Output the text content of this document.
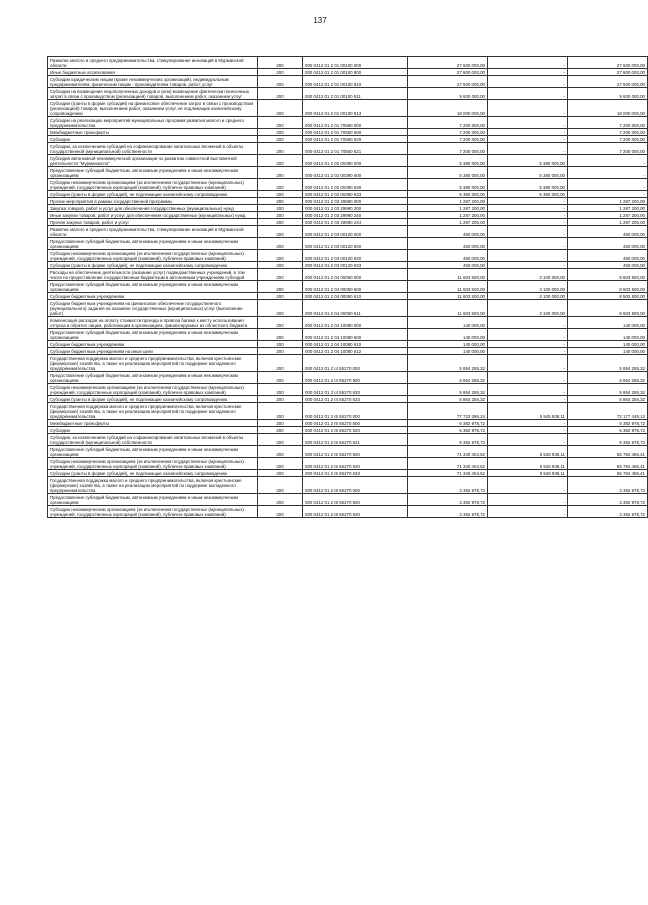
137
Развитие малого и среднего предпринимательства, стимулирование инноваций в Мурманской области	200	000 0412 01 2 01 00100 000	27 600 000,00	-	27 600 000,00
Иные бюджетные ассигнования	200	000 0412 01 2 01 00100 800	27 600 000,00	-	27 600 000,00
Субсидии юридическим лицам (кроме некоммерческих организаций), индивидуальным предпринимателям, физическим лицам - производителям товаров, работ, услуг	200	000 0412 01 2 01 00100 810	27 600 000,00	-	27 600 000,00
Субсидии на возмещение недополученных доходов и (или) возмещение фактически понесенных затрат в связи с производством (реализацией) товаров, выполнением работ, оказанием услуг	200	000 0412 01 2 01 00100 811	9 600 000,00	-	9 600 000,00
Субсидии (гранты в форме субсидий) на финансовое обеспечение затрат в связи с производством (реализацией) товаров, выполнением работ, оказанием услуг, не подлежащие казначейскому сопровождению	200	000 0412 01 2 01 00100 813	18 000 000,00	-	18 000 000,00
Субсидии на реализацию мероприятий муниципальных программ развития малого и среднего предпринимательства	200	000 0412 01 2 01 70550 000	7 200 000,00	-	7 200 000,00
Межбюджетные трансферты	200	000 0412 01 2 01 70550 500	7 200 000,00	-	7 200 000,00
Субсидии	200	000 0412 01 2 01 70550 520	7 200 000,00	-	7 200 000,00
Субсидии, за исключением субсидий на софинансирование капитальных вложений в объекты государственной (муниципальной) собственности	200	000 0412 01 2 01 70550 521	7 200 000,00	-	7 200 000,00
Субсидия автономной некоммерческой организации по развитию совместной выставочной деятельности "Мурманэкспо"	200	000 0412 01 2 02 00390 000	5 380 000,00	5 380 000,00	-
Предоставление субсидий бюджетным, автономным учреждениям и иным некоммерческим организациям	200	000 0412 01 2 02 00390 600	5 380 000,00	5 380 000,00	-
Субсидии некоммерческим организациям (за исключением государственных (муниципальных) учреждений, государственных корпораций (компаний), публично-правовых компаний)	200	000 0412 01 2 02 00390 630	5 380 000,00	5 380 000,00	-
Субсидии (гранты в форме субсидий), не подлежащие казначейскому сопровождению	200	000 0412 01 2 02 00390 633	5 380 000,00	5 380 000,00	-
Прочие мероприятия в рамках государственной программы	200	000 0412 01 2 03 29990 000	1 287 200,00	-	1 287 200,00
Закупка товаров, работ и услуг для обеспечения государственных (муниципальных) нужд	200	000 0412 01 2 03 29990 200	1 287 200,00	-	1 287 200,00
Иные закупки товаров, работ и услуг для обеспечения государственных (муниципальных) нужд	200	000 0412 01 2 03 29990 240	1 287 200,00	-	1 287 200,00
Прочая закупка товаров, работ и услуг	200	000 0412 01 2 03 29990 244	1 287 200,00	-	1 287 200,00
Развитие малого и среднего предпринимательства, стимулирование инноваций в Мурманской области	200	000 0412 01 2 03 00120 000	450 000,00	-	450 000,00
Предоставление субсидий бюджетным, автономным учреждениям и иным некоммерческим организациям	200	000 0412 01 2 03 00120 600	450 000,00	-	450 000,00
Субсидии некоммерческим организациям (за исключением государственных (муниципальных) учреждений, государственных корпораций (компаний), публично-правовых компаний)	200	000 0412 01 2 03 00120 630	450 000,00	-	450 000,00
Субсидии (гранты в форме субсидий), не подлежащие казначейскому сопровождению	200	000 0412 01 2 03 00120 633	450 000,00	-	450 000,00
Расходы на обеспечение деятельности (оказание услуг) подведомственных учреждений, в том числе на предоставление государственным бюджетным и автономным учреждениям субсидий	200	000 0412 01 2 04 00050 000	11 603 500,00	3 100 000,00	8 503 500,00
Предоставление субсидий бюджетным, автономным учреждениям и иным некоммерческим организациям	200	000 0412 01 2 04 00050 600	11 603 500,00	3 100 000,00	8 503 500,00
Субсидии бюджетным учреждениям	200	000 0412 01 2 04 00050 610	11 603 500,00	3 100 000,00	8 503 500,00
Субсидии бюджетным учреждениям на финансовое обеспечение государственного (муниципального) задания на оказание государственных (муниципальных) услуг (выполнение работ)	200	000 0412 01 2 04 00050 611	11 603 500,00	3 100 000,00	8 503 500,00
Компенсация расходов на оплату стоимости проезда и провоза багажа к месту использования отпуска и обратно лицам, работающим в организациях, финансируемых из областного бюджета	200	000 0412 01 2 04 10080 000	140 000,00	-	140 000,00
Предоставление субсидий бюджетным, автономным учреждениям и иным некоммерческим организациям	200	000 0412 01 2 04 10080 600	140 000,00	-	140 000,00
Субсидии бюджетным учреждениям	200	000 0412 01 2 04 10080 610	140 000,00	-	140 000,00
Субсидии бюджетным учреждениям на иные цели	200	000 0412 01 2 04 10080 612	140 000,00	-	140 000,00
Государственная поддержка малого и среднего предпринимательства, включая крестьянские (фермерские) хозяйства, а также на реализацию мероприятий по поддержке молодежного предпринимательства	200	000 0412 01 2 I4 55270 000	5 864 255,32	-	5 864 255,32
Предоставление субсидий бюджетным, автономным учреждениям и иным некоммерческим организациям	200	000 0412 01 2 I4 55270 600	5 864 255,32	-	5 864 255,32
Субсидии некоммерческим организациям (за исключением государственных (муниципальных) учреждений, государственных корпораций (компаний), публично-правовых компаний)	200	000 0412 01 2 I4 55270 630	5 864 255,32	-	5 864 255,32
Субсидии (гранты в форме субсидий), не подлежащие казначейскому сопровождению	200	000 0412 01 2 I4 55270 633	5 864 255,32	-	5 864 255,32
Государственная поддержка малого и среднего предпринимательства, включая крестьянские (фермерские) хозяйства, а также на реализацию мероприятий по поддержке молодежного предпринимательства	200	000 0412 01 2 I5 55270 000	77 723 386,24	5 545 938,11	72 177 448,13
Межбюджетные трансферты	200	000 0412 01 2 I5 55270 500	6 382 978,72	-	6 382 978,72
Субсидии	200	000 0412 01 2 I5 55270 520	6 382 978,72	-	6 382 978,72
Субсидии, за исключением субсидий на софинансирование капитальных вложений в объекты государственной (муниципальной) собственности	200	000 0412 01 2 I5 55270 521	6 382 978,72	-	6 382 978,72
Предоставление субсидий бюджетным, автономным учреждениям и иным некоммерческим организациям	200	000 0412 01 2 I5 55270 600	71 340 404,52	5 545 938,11	65 794 466,41
Субсидии некоммерческим организациям (за исключением государственных (муниципальных) учреждений, государственных корпораций (компаний), публично-правовых компаний)	200	000 0412 01 2 I5 55270 630	71 340 404,52	5 545 938,11	65 794 466,41
Субсидии (гранты в форме субсидий), не подлежащие казначейскому сопровождению	200	000 0412 01 2 I5 55270 633	71 340 404,52	5 545 938,11	65 794 466,41
Государственная поддержка малого и среднего предпринимательства, включая крестьянские (фермерские) хозяйства, а также на реализацию мероприятий по поддержке молодежного предпринимательства	200	000 0412 01 2 I8 55270 000	3 382 978,72	-	3 382 978,72
Предоставление субсидий бюджетным, автономным учреждениям и иным некоммерческим организациям	200	000 0412 01 2 I8 55270 600	3 382 978,72	-	3 382 978,72
Субсидии некоммерческим организациям (за исключением государственных (муниципальных) учреждений, государственных корпораций (компаний), публично-правовых компаний)	200	000 0412 01 2 I8 55270 630	3 382 978,72	-	3 382 978,72
